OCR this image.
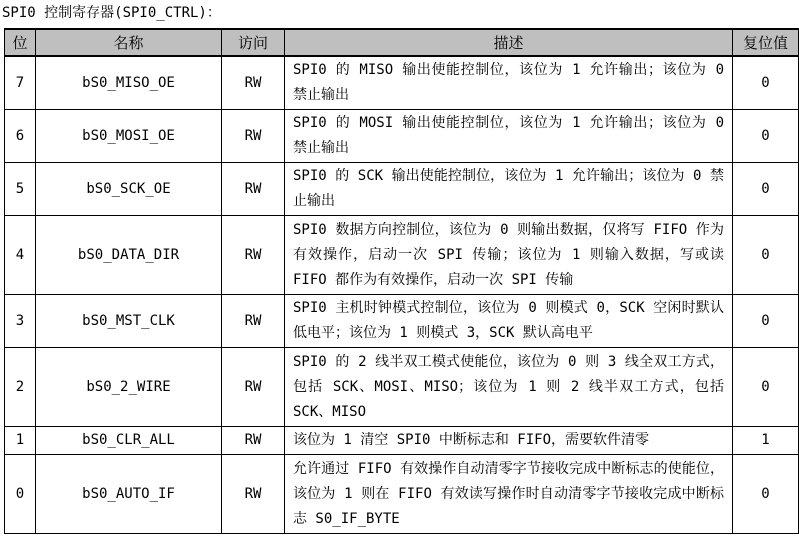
SPI0 控制寄存器(SPI0_CTRL)：
位	名称	访问	描述	复位值
7	bS0_MISO_OE	RW	SPI0 的 MISO 输出使能控制位，该位为 1 允许输出；该位为 0 禁止输出	0
6	bS0_MOSI_OE	RW	SPI0 的 MOSI 输出使能控制位，该位为 1 允许输出；该位为 0 禁止输出	0
5	bS0_SCK_OE	RW	SPI0 的 SCK 输出使能控制位，该位为 1 允许输出；该位为 0 禁止输出	0
4	bS0_DATA_DIR	RW	SPI0 数据方向控制位，该位为 0 则输出数据，仅将写 FIFO 作为有效操作，启动一次 SPI 传输；该位为 1 则输入数据，写或读 FIFO 都作为有效操作，启动一次 SPI 传输	0
3	bS0_MST_CLK	RW	SPI0 主机时钟模式控制位，该位为 0 则模式 0，SCK 空闲时默认低电平；该位为 1 则模式 3，SCK 默认高电平	0
2	bS0_2_WIRE	RW	SPI0 的 2 线半双工模式使能位，该位为 0 则 3 线全双工方式，包括 SCK、MOSI、MISO；该位为 1 则 2 线半双工方式，包括 SCK、MISO	0
1	bS0_CLR_ALL	RW	该位为 1 清空 SPI0 中断标志和 FIFO，需要软件清零	1
0	bS0_AUTO_IF	RW	允许通过 FIFO 有效操作自动清零字节接收完成中断标志的使能位，该位为 1 则在 FIFO 有效读写操作时自动清零字节接收完成中断标志 S0_IF_BYTE	0
